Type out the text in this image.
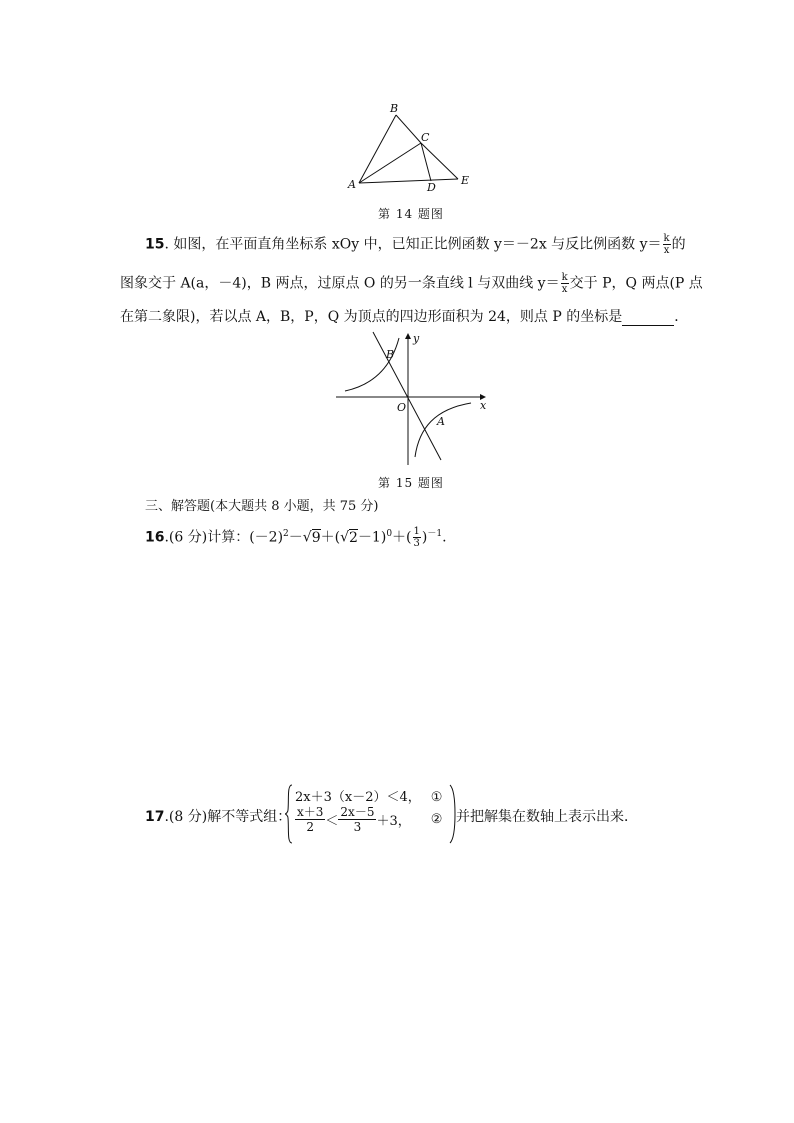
B
C
A	D
E
第 14 题图
15. 如图，在平面直角坐标系 xOy 中，已知正比例函数 y＝－2x 与反比例函数 $y= \frac{k}{x}$ 的
图象交于 A(a，－4)，B 两点，过原点 O 的另一条直线 l 与双曲线 $y= \frac{k}{x}$ 交于 P，Q 两点(P 点
在第二象限)，若以点 A，B，P，Q 为顶点的四边形面积为 24，则点 P 的坐标是	．
y
x
O
A
B
第 15 题图
三、解答题(本大题共 8 小题，共 75 分)
16.(6 分)计算：$(-2)^2-√9+(√2-1)^0+( \frac{1}{3} )^{-1}$.
17.(8 分)解不等式组：
2x＋3（x－2）＜4， ①
$\frac{x+3}{2} < \frac{2x-5}{3} +3$， ② 并把解集在数轴上表示出来．
